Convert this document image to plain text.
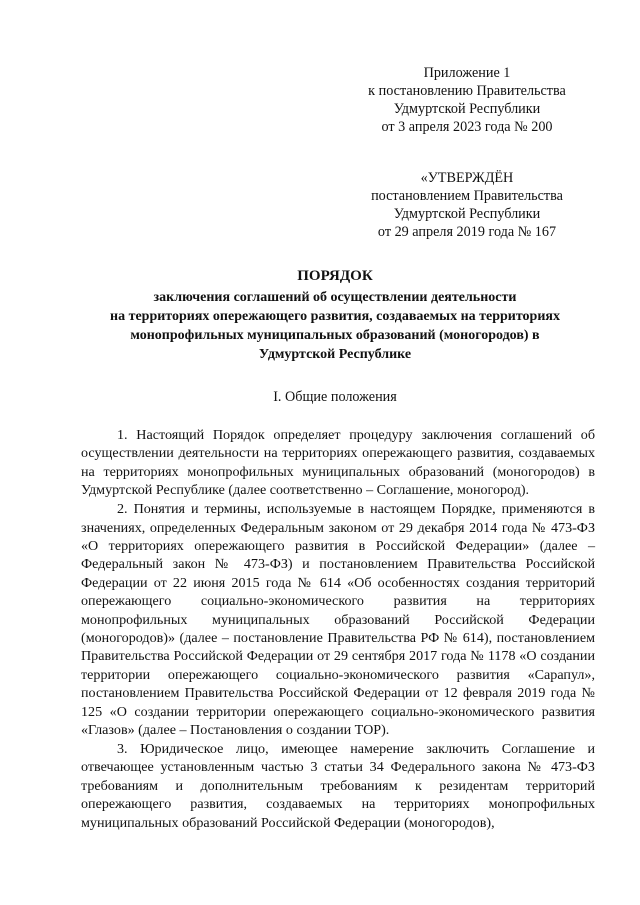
Приложение 1
к постановлению Правительства
Удмуртской Республики
от 3 апреля 2023 года № 200
«УТВЕРЖДЁН
постановлением Правительства
Удмуртской Республики
от 29 апреля 2019 года № 167
ПОРЯДОК
заключения соглашений об осуществлении деятельности
на территориях опережающего развития, создаваемых на территориях
монопрофильных муниципальных образований (моногородов) в
Удмуртской Республике
I. Общие положения

1. Настоящий Порядок определяет процедуру заключения соглашений об осуществлении деятельности на территориях опережающего развития, создаваемых на территориях монопрофильных муниципальных образований (моногородов) в Удмуртской Республике (далее соответственно – Соглашение, моногород).

2. Понятия и термины, используемые в настоящем Порядке, применяются в значениях, определенных Федеральным законом от 29 декабря 2014 года № 473-ФЗ «О территориях опережающего развития в Российской Федерации» (далее – Федеральный закон № 473-ФЗ) и постановлением Правительства Российской Федерации от 22 июня 2015 года № 614 «Об особенностях создания территорий опережающего социально-экономического развития на территориях монопрофильных муниципальных образований Российской Федерации (моногородов)» (далее – постановление Правительства РФ № 614), постановлением Правительства Российской Федерации от 29 сентября 2017 года № 1178 «О создании территории опережающего социально-экономического развития «Сарапул», постановлением Правительства Российской Федерации от 12 февраля 2019 года № 125 «О создании территории опережающего социально-экономического развития «Глазов» (далее – Постановления о создании ТОР).

3. Юридическое лицо, имеющее намерение заключить Соглашение и отвечающее установленным частью 3 статьи 34 Федерального закона № 473-ФЗ требованиям и дополнительным требованиям к резидентам территорий опережающего развития, создаваемых на территориях монопрофильных муниципальных образований Российской Федерации (моногородов),
